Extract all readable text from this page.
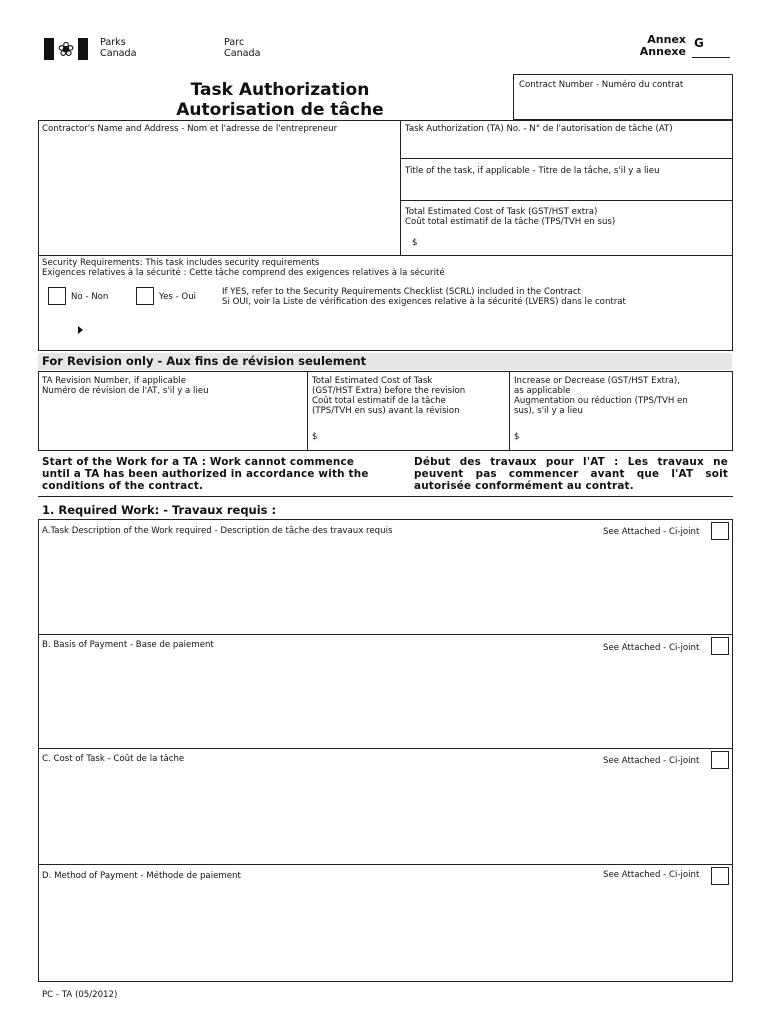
❀	Parks
Canada
Parc
Canada
Annex
Annexe
G
Task Authorization
Autorisation de tâche
Contract Number - Numéro du contrat
Contractor's Name and Address - Nom et l'adresse de l'entrepreneur	Task Authorization (TA) No. - N° de l'autorisation de tâche (AT)
Title of the task, if applicable - Titre de la tâche, s'il y a lieu
Total Estimated Cost of Task (GST/HST extra)
Coût total estimatif de la tâche (TPS/TVH en sus)
$
Security Requirements: This task includes security requirements
Exigences relatives à la sécurité : Cette tâche comprend des exigences relatives à la sécurité
No - Non	Yes - Oui	If YES, refer to the Security Requirements Checklist (SCRL) included in the Contract
Si OUI, voir la Liste de vérification des exigences relative à la sécurité (LVERS) dans le contrat
For Revision only - Aux fins de révision seulement
TA Revision Number, if applicable
Numéro de révision de l'AT, s'il y a lieu
Total Estimated Cost of Task
(GST/HST Extra) before the revision
Coût total estimatif de la tâche
(TPS/TVH en sus) avant la révision
$
Increase or Decrease (GST/HST Extra),
as applicable
Augmentation ou réduction (TPS/TVH en
sus), s'il y a lieu
$
Start of the Work for a TA : Work cannot commence
until a TA has been authorized in accordance with the
conditions of the contract.
Début des travaux pour l'AT : Les travaux ne
peuvent pas commencer avant que l'AT soit
autorisée conformément au contrat.
1. Required Work: - Travaux requis :
A.Task Description of the Work required - Description de tâche des travaux requis	See Attached - Ci-joint
B. Basis of Payment - Base de paiement	See Attached - Ci-joint
C. Cost of Task - Coût de la tâche	See Attached - Ci-joint
D. Method of Payment - Méthode de paiement	See Attached - Ci-joint
PC - TA (05/2012)
